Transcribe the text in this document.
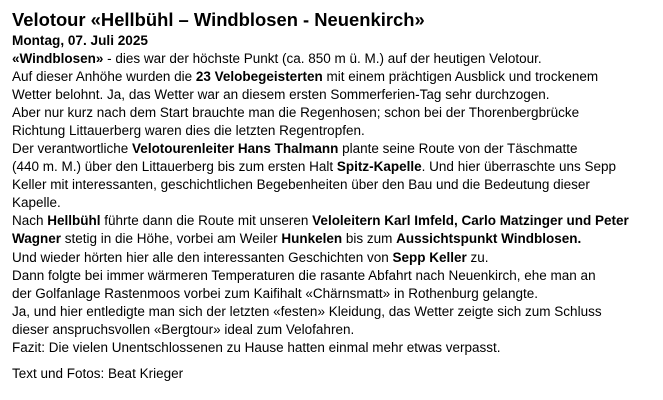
Velotour «Hellbühl – Windblosen - Neuenkirch»
Montag, 07. Juli 2025
«Windblosen» - dies war der höchste Punkt (ca. 850 m ü. M.) auf der heutigen Velotour.
Auf dieser Anhöhe wurden die 23 Velobegeisterten mit einem prächtigen Ausblick und trockenem
Wetter belohnt. Ja, das Wetter war an diesem ersten Sommerferien-Tag sehr durchzogen.
Aber nur kurz nach dem Start brauchte man die Regenhosen; schon bei der Thorenbergbrücke
Richtung Littauerberg waren dies die letzten Regentropfen.
Der verantwortliche Velotourenleiter Hans Thalmann plante seine Route von der Täschmatte
(440 m. M.) über den Littauerberg bis zum ersten Halt Spitz-Kapelle. Und hier überraschte uns Sepp
Keller mit interessanten, geschichtlichen Begebenheiten über den Bau und die Bedeutung dieser
Kapelle.
Nach Hellbühl führte dann die Route mit unseren Veloleitern Karl Imfeld, Carlo Matzinger und Peter
Wagner stetig in die Höhe, vorbei am Weiler Hunkelen bis zum Aussichtspunkt Windblosen.
Und wieder hörten hier alle den interessanten Geschichten von Sepp Keller zu.
Dann folgte bei immer wärmeren Temperaturen die rasante Abfahrt nach Neuenkirch, ehe man an
der Golfanlage Rastenmoos vorbei zum Kaifihalt «Chärnsmatt» in Rothenburg gelangte.
Ja, und hier entledigte man sich der letzten «festen» Kleidung, das Wetter zeigte sich zum Schluss
dieser anspruchsvollen «Bergtour» ideal zum Velofahren.
Fazit: Die vielen Unentschlossenen zu Hause hatten einmal mehr etwas verpasst.
Text und Fotos: Beat Krieger
